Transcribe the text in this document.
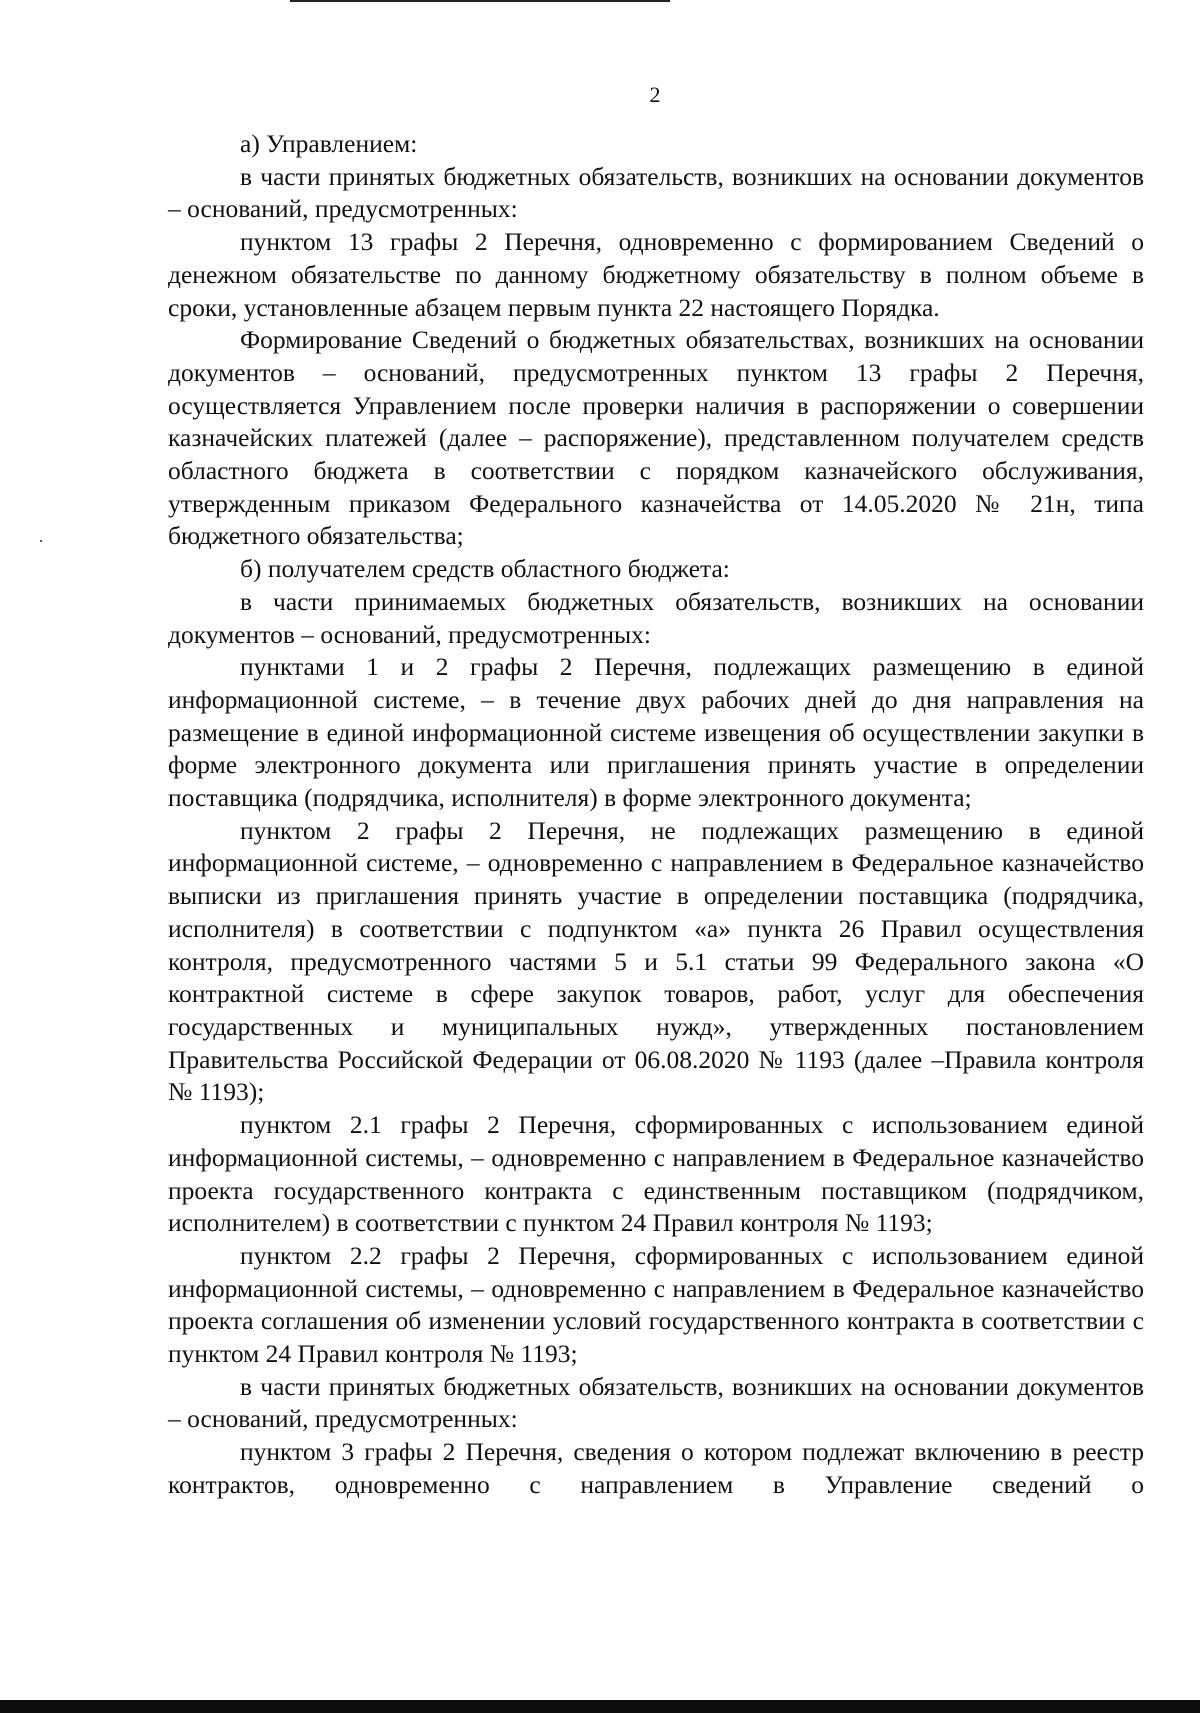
2

а) Управлением:

в части принятых бюджетных обязательств, возникших на основании документов – оснований, предусмотренных:

пунктом 13 графы 2 Перечня, одновременно с формированием Сведений о денежном обязательстве по данному бюджетному обязательству в полном объеме в сроки, установленные абзацем первым пункта 22 настоящего Порядка.

Формирование Сведений о бюджетных обязательствах, возникших на основании документов – оснований, предусмотренных пунктом 13 графы 2 Перечня, осуществляется Управлением после проверки наличия в распоряжении о совершении казначейских платежей (далее – распоряжение), представленном получателем средств областного бюджета в соответствии с порядком казначейского обслуживания, утвержденным приказом Федерального казначейства от 14.05.2020 № 21н, типа бюджетного обязательства;

б) получателем средств областного бюджета:

в части принимаемых бюджетных обязательств, возникших на основании документов – оснований, предусмотренных:

пунктами 1 и 2 графы 2 Перечня, подлежащих размещению в единой информационной системе, – в течение двух рабочих дней до дня направления на размещение в единой информационной системе извещения об осуществлении закупки в форме электронного документа или приглашения принять участие в определении поставщика (подрядчика, исполнителя) в форме электронного документа;

пунктом 2 графы 2 Перечня, не подлежащих размещению в единой информационной системе, – одновременно с направлением в Федеральное казначейство выписки из приглашения принять участие в определении поставщика (подрядчика, исполнителя) в соответствии с подпунктом «а» пункта 26 Правил осуществления контроля, предусмотренного частями 5 и 5.1 статьи 99 Федерального закона «О контрактной системе в сфере закупок товаров, работ, услуг для обеспечения государственных и муниципальных нужд», утвержденных постановлением Правительства Российской Федерации от 06.08.2020 № 1193 (далее –Правила контроля № 1193);

пунктом 2.1 графы 2 Перечня, сформированных с использованием единой информационной системы, – одновременно с направлением в Федеральное казначейство проекта государственного контракта с единственным поставщиком (подрядчиком, исполнителем) в соответствии с пунктом 24 Правил контроля № 1193;

пунктом 2.2 графы 2 Перечня, сформированных с использованием единой информационной системы, – одновременно с направлением в Федеральное казначейство проекта соглашения об изменении условий государственного контракта в соответствии с пунктом 24 Правил контроля № 1193;

в части принятых бюджетных обязательств, возникших на основании документов – оснований, предусмотренных:

пунктом 3 графы 2 Перечня, сведения о котором подлежат включению в реестр контрактов, одновременно с направлением в Управление сведений о
